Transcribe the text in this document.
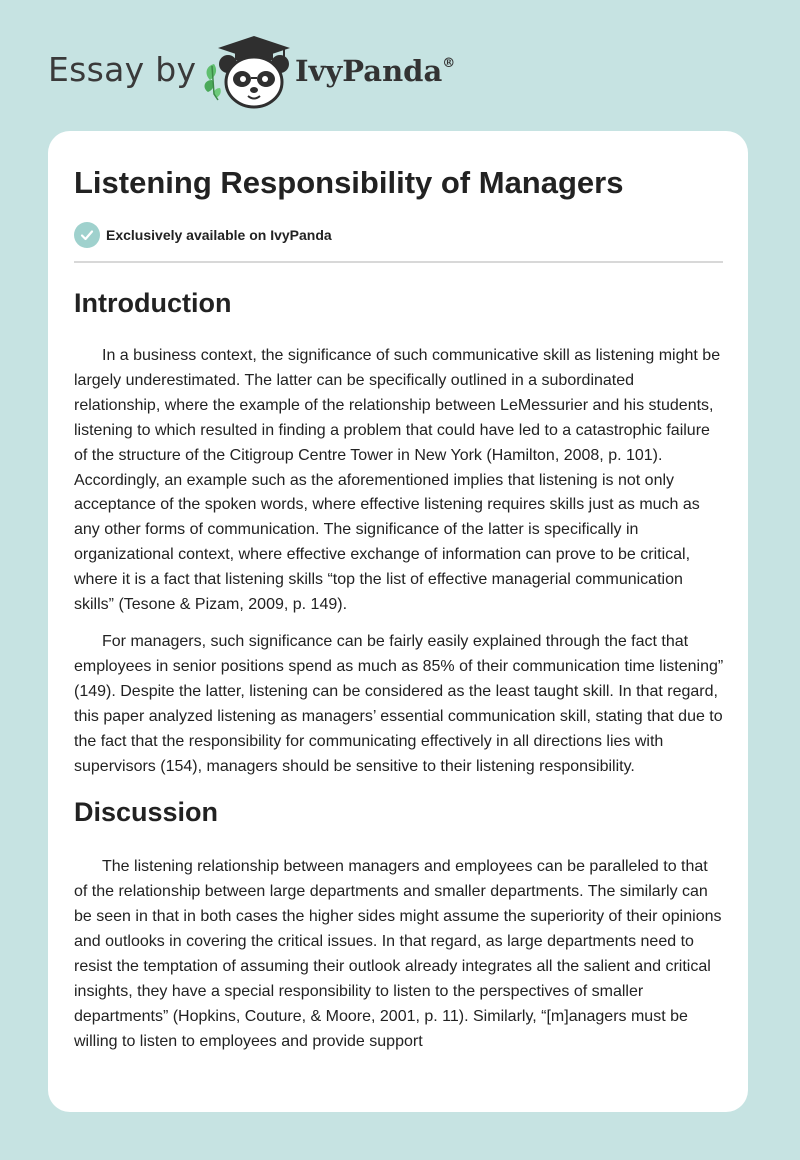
Essay by	IvyPanda®
Listening Responsibility of Managers
Exclusively available on IvyPanda
Introduction

In a business context, the significance of such communicative skill as listening might be largely underestimated. The latter can be specifically outlined in a subordinated relationship, where the example of the relationship between LeMessurier and his students, listening to which resulted in finding a problem that could have led to a catastrophic failure of the structure of the Citigroup Centre Tower in New York (Hamilton, 2008, p. 101). Accordingly, an example such as the aforementioned implies that listening is not only acceptance of the spoken words, where effective listening requires skills just as much as any other forms of communication. The significance of the latter is specifically in organizational context, where effective exchange of information can prove to be critical, where it is a fact that listening skills “top the list of effective managerial communication skills” (Tesone & Pizam, 2009, p. 149).

For managers, such significance can be fairly easily explained through the fact that employees in senior positions spend as much as 85% of their communication time listening” (149). Despite the latter, listening can be considered as the least taught skill. In that regard, this paper analyzed listening as managers’ essential communication skill, stating that due to the fact that the responsibility for communicating effectively in all directions lies with supervisors (154), managers should be sensitive to their listening responsibility.

Discussion

The listening relationship between managers and employees can be paralleled to that of the relationship between large departments and smaller departments. The similarly can be seen in that in both cases the higher sides might assume the superiority of their opinions and outlooks in covering the critical issues. In that regard, as large departments need to resist the temptation of assuming their outlook already integrates all the salient and critical insights, they have a special responsibility to listen to the perspectives of smaller departments” (Hopkins, Couture, & Moore, 2001, p. 11). Similarly, “[m]anagers must be willing to listen to employees and provide support
